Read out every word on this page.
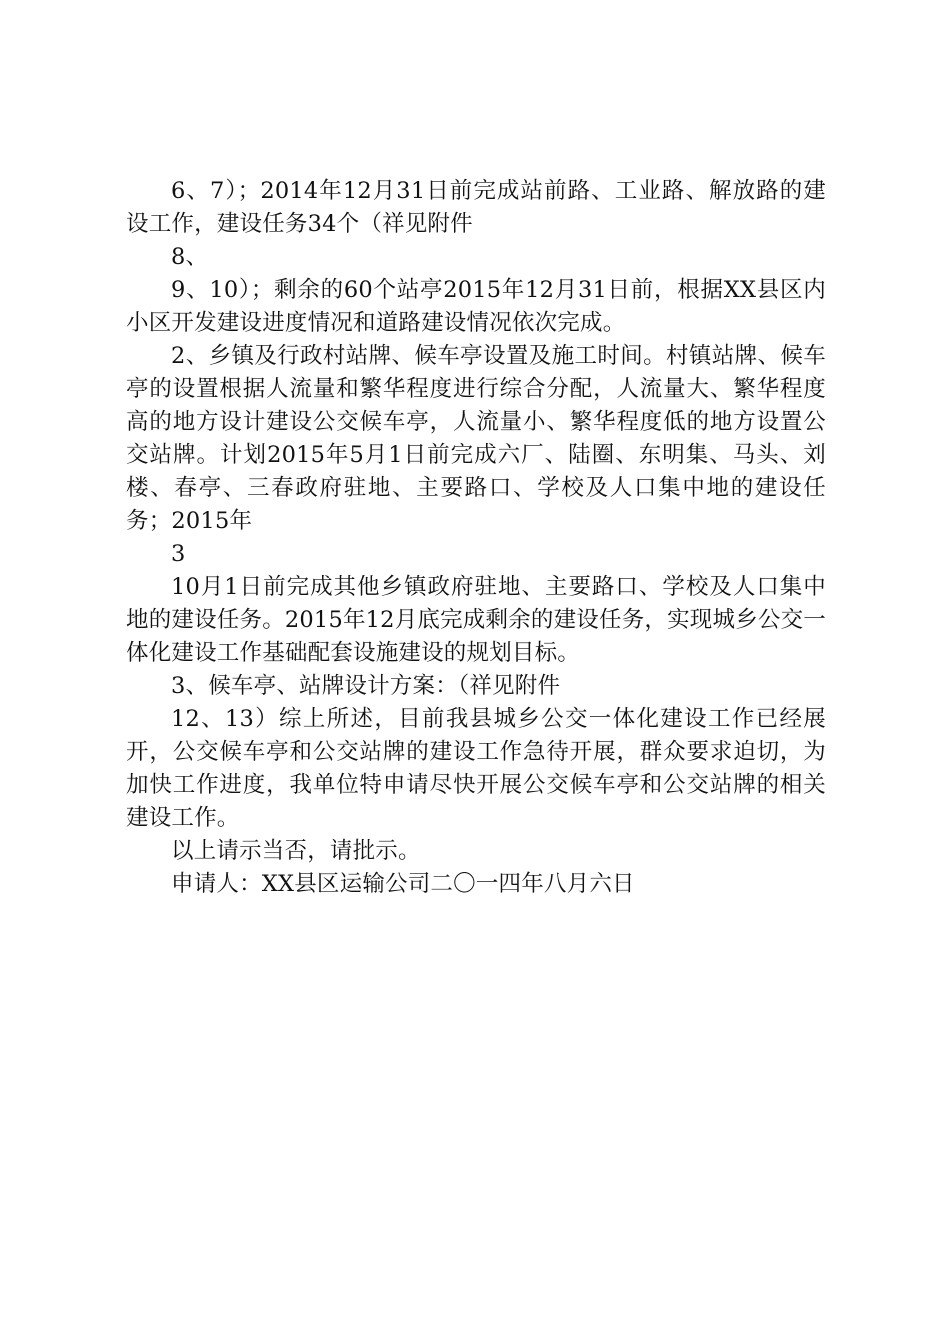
6、7）；2014年12月31日前完成站前路、工业路、解放路的建设工作，建设任务34个（祥见附件

8、

9、10）；剩余的60个站亭2015年12月31日前，根据XX县区内小区开发建设进度情况和道路建设情况依次完成。

2、乡镇及行政村站牌、候车亭设置及施工时间。村镇站牌、候车亭的设置根据人流量和繁华程度进行综合分配，人流量大、繁华程度高的地方设计建设公交候车亭，人流量小、繁华程度低的地方设置公交站牌。计划2015年5月1日前完成六厂、陆圈、东明集、马头、刘楼、春亭、三春政府驻地、主要路口、学校及人口集中地的建设任务；2015年

3

10月1日前完成其他乡镇政府驻地、主要路口、学校及人口集中地的建设任务。2015年12月底完成剩余的建设任务，实现城乡公交一体化建设工作基础配套设施建设的规划目标。

3、候车亭、站牌设计方案：（祥见附件

12、13）综上所述，目前我县城乡公交一体化建设工作已经展开，公交候车亭和公交站牌的建设工作急待开展，群众要求迫切，为加快工作进度，我单位特申请尽快开展公交候车亭和公交站牌的相关建设工作。

以上请示当否，请批示。

申请人：XX县区运输公司二〇一四年八月六日
